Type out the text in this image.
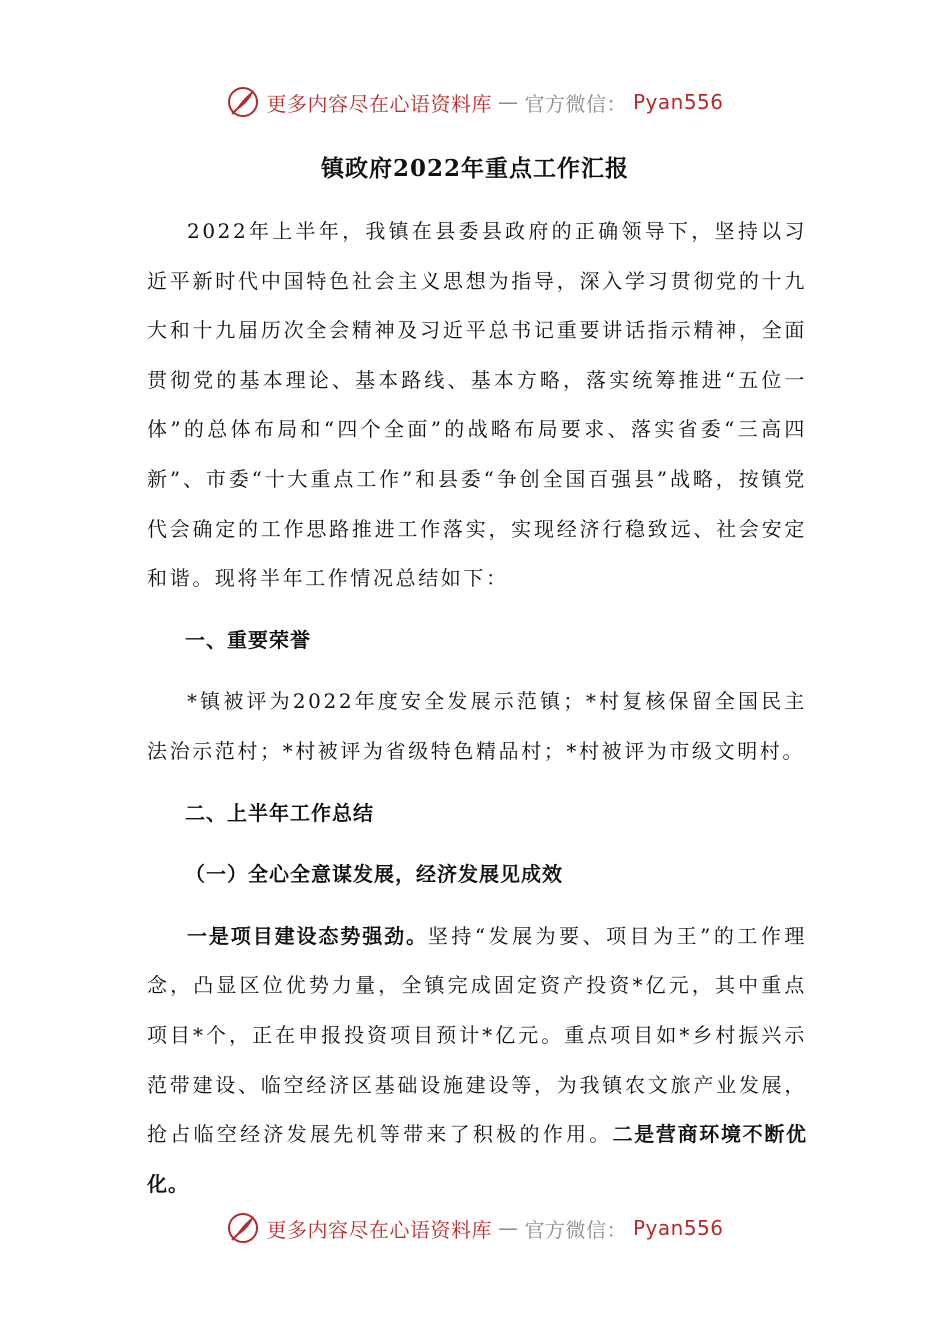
更多内容尽在心语资料库 — 官方微信： Pyan556
镇政府2022年重点工作汇报

2022年上半年，我镇在县委县政府的正确领导下，坚持以习近平新时代中国特色社会主义思想为指导，深入学习贯彻党的十九大和十九届历次全会精神及习近平总书记重要讲话指示精神，全面贯彻党的基本理论、基本路线、基本方略，落实统筹推进“五位一体”的总体布局和“四个全面”的战略布局要求、落实省委“三高四新”、市委“十大重点工作”和县委“争创全国百强县”战略，按镇党代会确定的工作思路推进工作落实，实现经济行稳致远、社会安定和谐。现将半年工作情况总结如下：

一、重要荣誉

*镇被评为2022年度安全发展示范镇；*村复核保留全国民主法治示范村；*村被评为省级特色精品村；*村被评为市级文明村。

二、上半年工作总结

（一）全心全意谋发展，经济发展见成效

一是项目建设态势强劲。坚持“发展为要、项目为王”的工作理念，凸显区位优势力量，全镇完成固定资产投资*亿元，其中重点项目*个，正在申报投资项目预计*亿元。重点项目如*乡村振兴示范带建设、临空经济区基础设施建设等，为我镇农文旅产业发展，抢占临空经济发展先机等带来了积极的作用。二是营商环境不断优化。

更多内容尽在心语资料库 — 官方微信： Pyan556
